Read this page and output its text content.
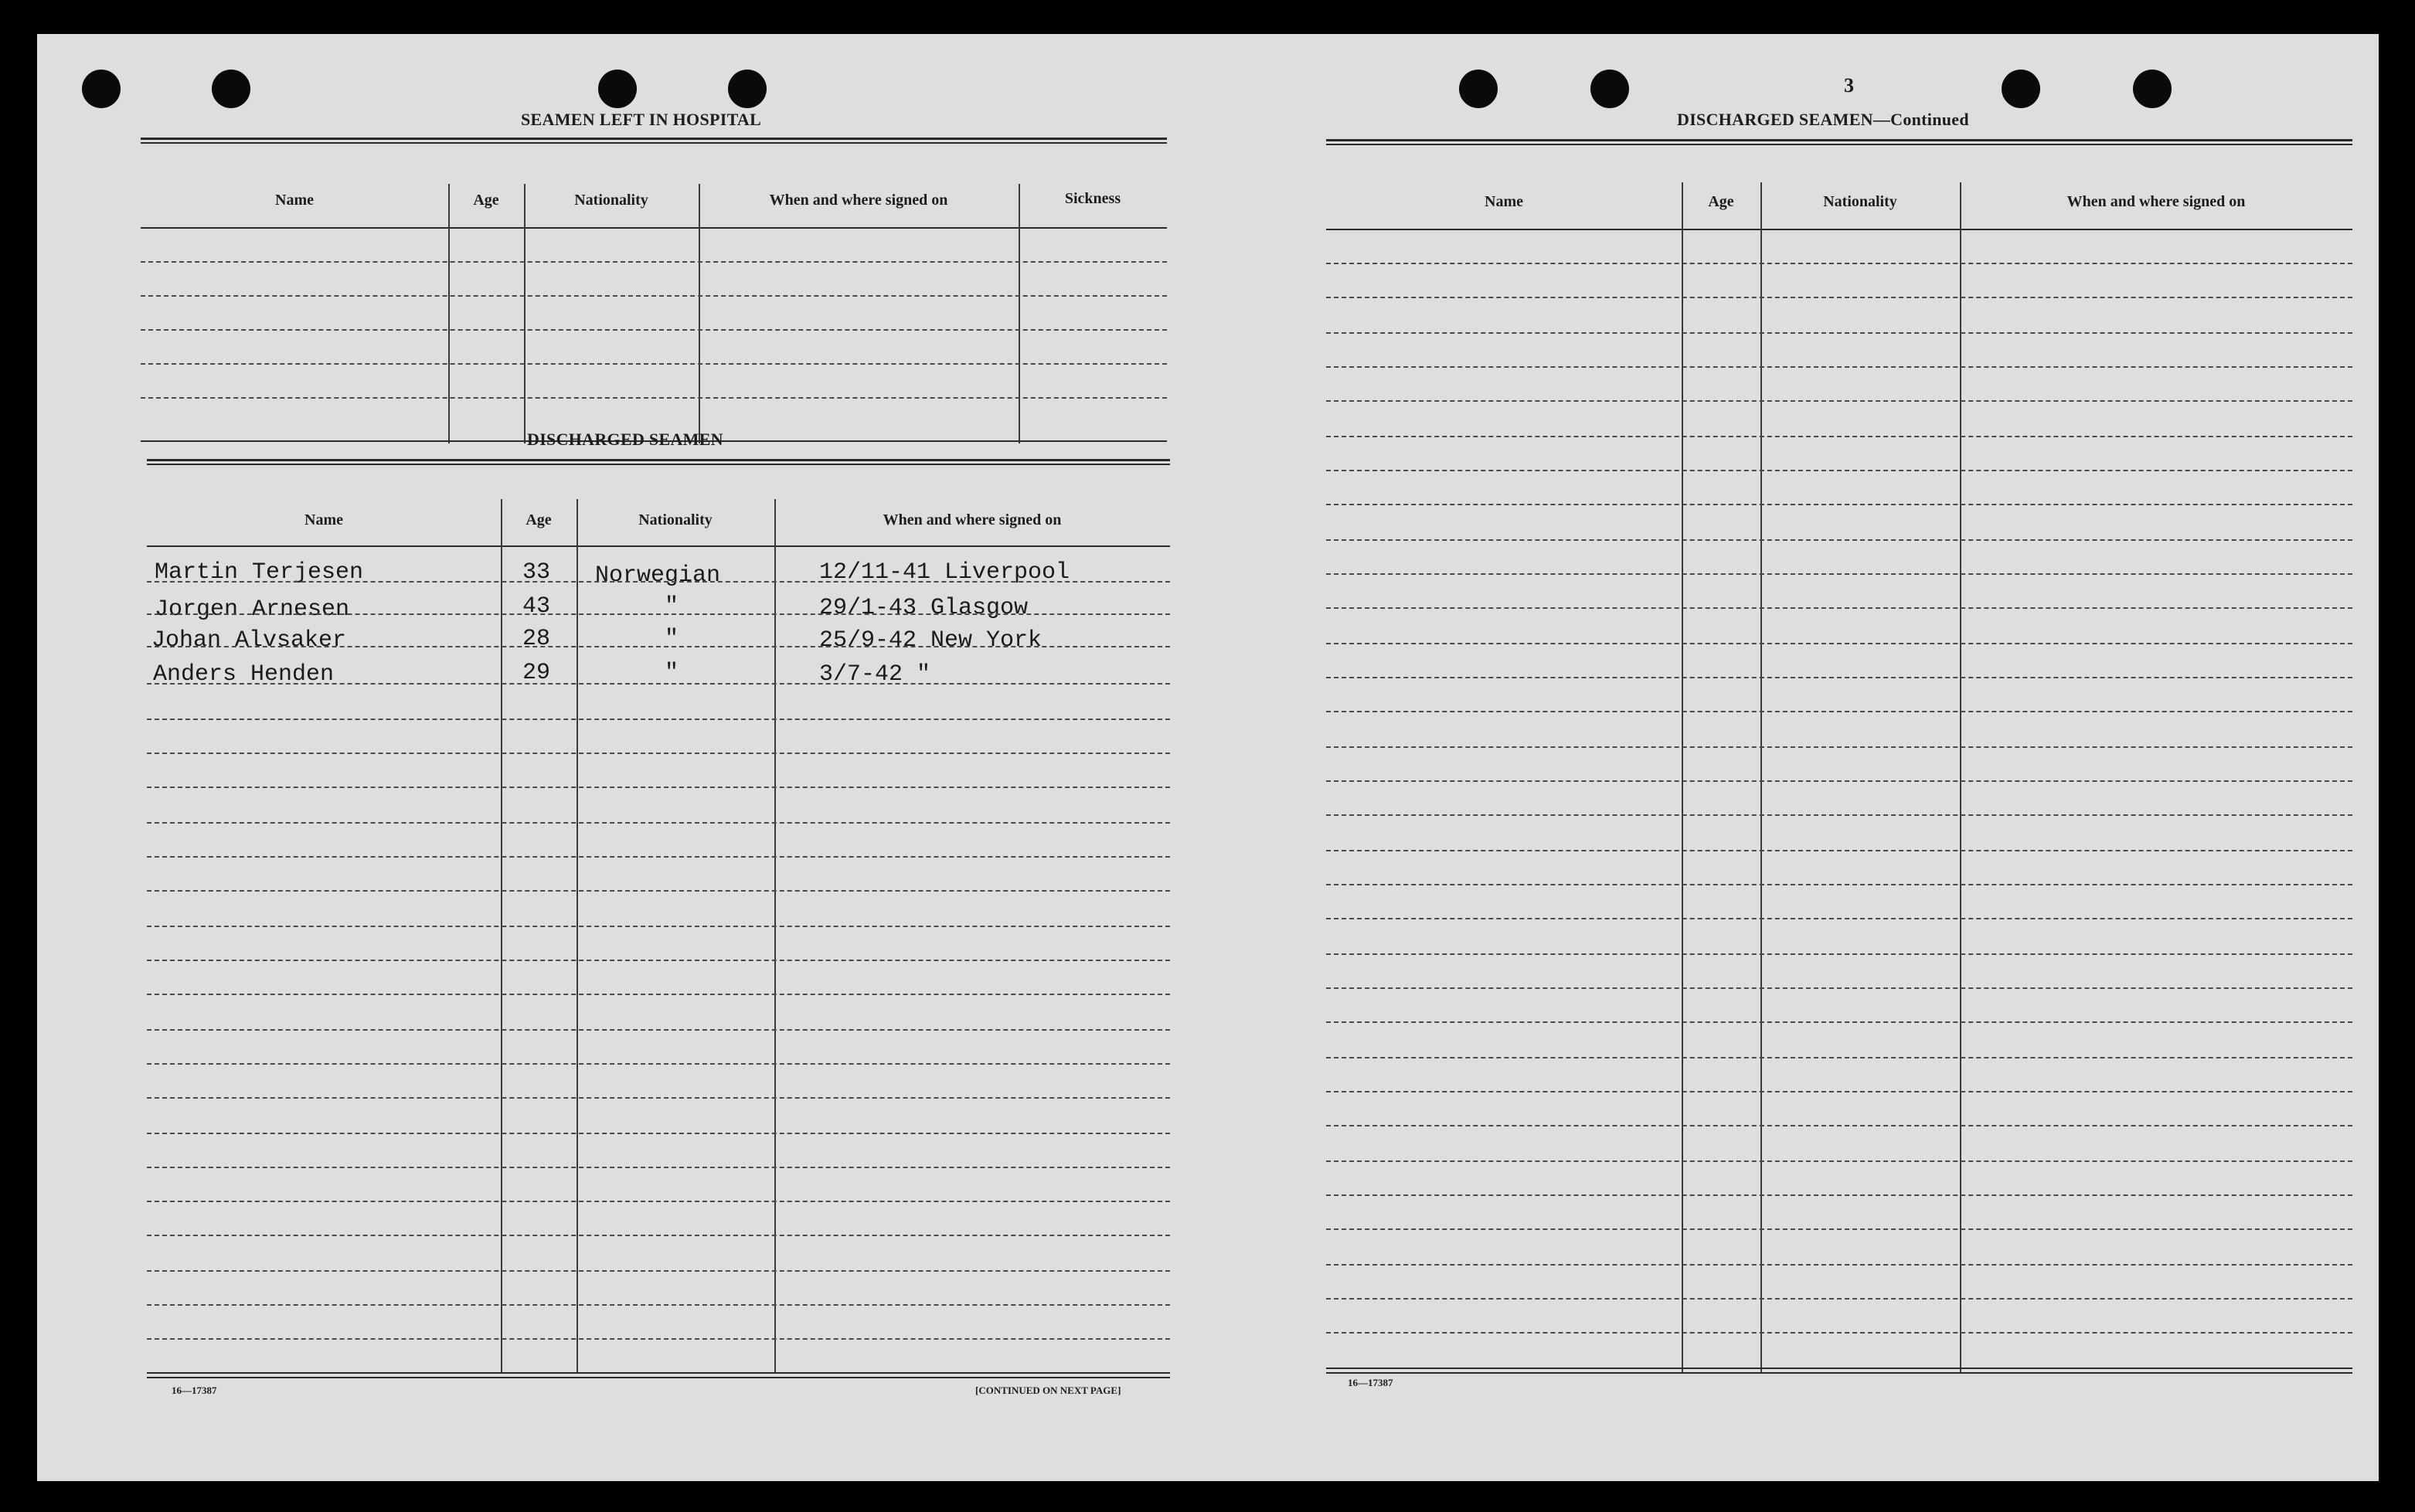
SEAMEN LEFT IN HOSPITAL
Name	Age	Nationality	When and where signed on	Sickness
DISCHARGED SEAMEN
Name	Age	Nationality	When and where signed on
Martin Terjesen	33 Norwegian	12/11-41 Liverpool
Jorgen Arnesen	43	"	29/1-43 Glasgow
Johan Alvsaker	28	"	25/9-42 New York
Anders Henden	29	"	3/7-42 "
16—17387	[CONTINUED ON NEXT PAGE]
3
DISCHARGED SEAMEN—Continued
Name	Age	Nationality	When and where signed on
16—17387
